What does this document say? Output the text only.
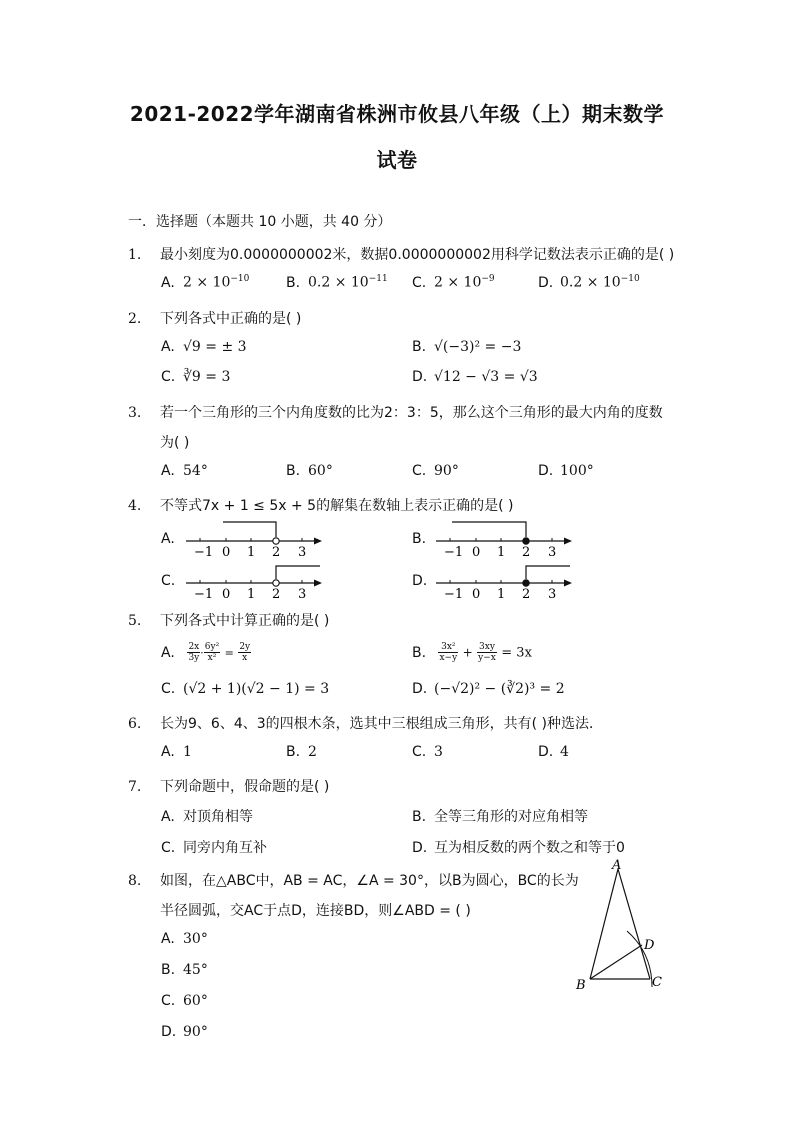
2021-2022学年湖南省株洲市攸县八年级（上）期末数学
试卷
一．选择题（本题共 10 小题，共 40 分）
1. 最小刻度为0.0000000002米，数据0.0000000002用科学记数法表示正确的是( )
A. $2 \times 10^{-10}$	B. $0.2 \times 10^{-11}$ C. $2 \times 10^{-9}$	D. $0.2 \times 10^{-10}$
2. 下列各式中正确的是( )
A. √9 = ± 3	B. √(−3)² = −3
C. ∛9 = 3	D. √12 − √3 = √3
3. 若一个三角形的三个内角度数的比为2：3：5，那么这个三角形的最大内角的度数
为( )
A. 54°	B. 60°	C. 90°	D. 100°
4. 不等式7x + 1 ≤ 5x + 5的解集在数轴上表示正确的是( )
A.	B.
C.	D.
−1 0 1 2 3	−1 0 1 2 3
−1 0 1 2 3	−1 0 1 2 3
5. 下列各式中计算正确的是( )
A. $\frac{2x}{3y} \cdot \frac{\text{6y²}}{\text{x²}} = \frac{2y}{x}$	B. $\frac{\text{3x²}}{x-y} + \frac{3xy}{y-x} = 3x$
C. (√2 + 1)(√2 − 1) = 3	D. (−√2)² − (∛2)³ = 2
6. 长为9、6、4、3的四根木条，选其中三根组成三角形，共有( )种选法．
A. 1	B. 2	C. 3	D. 4
7. 下列命题中，假命题的是( )
A. 对顶角相等	B. 全等三角形的对应角相等
C. 同旁内角互补	D. 互为相反数的两个数之和等于0
8. 如图，在△ABC中，AB = AC，∠A = 30°，以B为圆心，BC的长为
半径圆弧，交AC于点D，连接BD，则∠ABD = ( )
A. 30°
B. 45°
C. 60°
D. 90°
A
B	C
D
